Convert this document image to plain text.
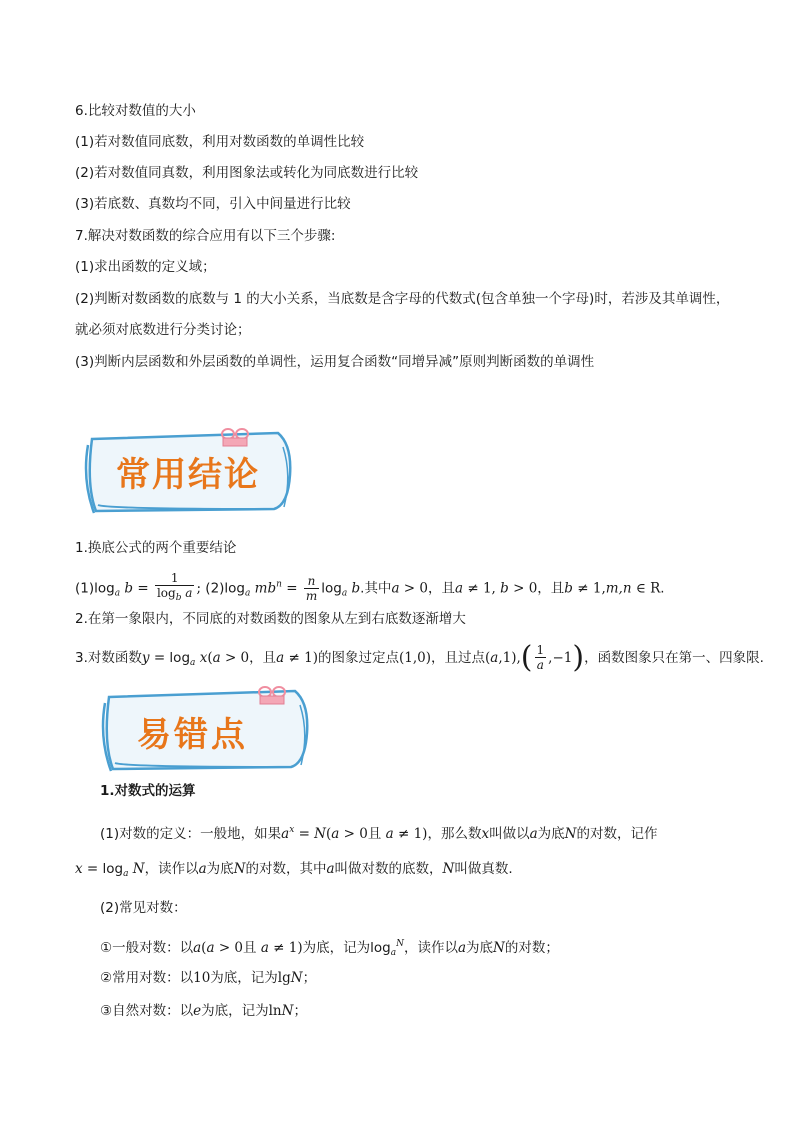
6.比较对数值的大小
(1)若对数值同底数，利用对数函数的单调性比较
(2)若对数值同真数，利用图象法或转化为同底数进行比较
(3)若底数、真数均不同，引入中间量进行比较
7.解决对数函数的综合应用有以下三个步骤:
(1)求出函数的定义域；
(2)判断对数函数的底数与 1 的大小关系，当底数是含字母的代数式(包含单独一个字母)时，若涉及其单调性，
就必须对底数进行分类讨论；
(3)判断内层函数和外层函数的单调性，运用复合函数“同增异减”原则判断函数的单调性
常用结论
1.换底公式的两个重要结论
$(1)\log_a$ $b = \frac{1}{\log_b a}$ ; $(2)\log_a$ $mb^n = \frac{n}{m} \log_a b$.其中a > 0，且a ≠ 1, b > 0，且b ≠ 1,m,n ∈ R.
2.在第一象限内，不同底的对数函数的图象从左到右底数逐渐增大
3.对数函数$y = \log_a x(a > 0$，且a ≠ 1)的图象过定点(1,0)，且过点$(a,1),( \frac{1}{a} ,-1)$，函数图象只在第一、四象限.
易错点
1.对数式的运算
(1)对数的定义：一般地，如果$a^x = N(a > 0$且 a ≠ 1)，那么数x叫做以a为底N的对数，记作
$x = \log_a N$，读作以a为底N的对数，其中a叫做对数的底数，N叫做真数.
(2)常见对数：
①一般对数：以a(a > 0且 a ≠ 1)为底，记为$\log_a^N$，读作以a为底N的对数；
②常用对数：以10为底，记为lgN；
③自然对数：以e为底，记为lnN；
